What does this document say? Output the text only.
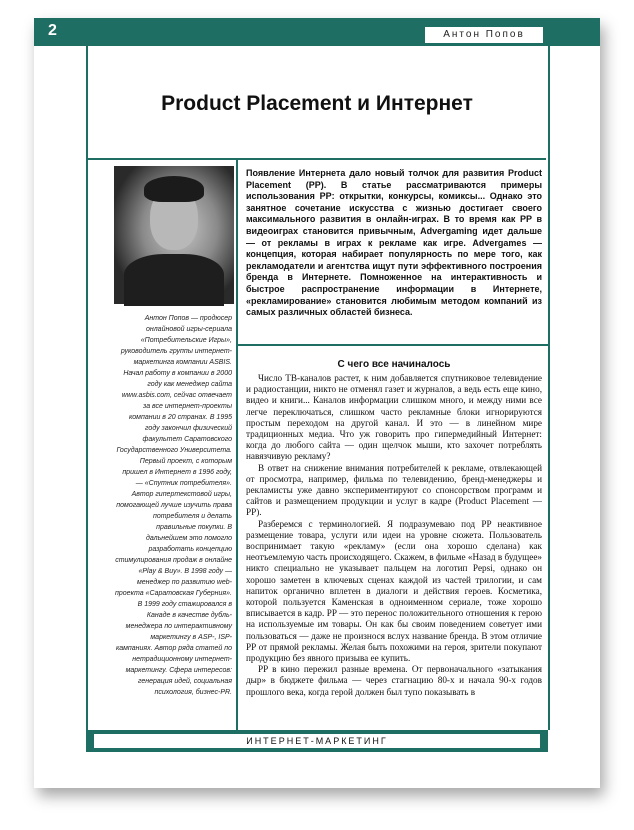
2	Антон Попов
Product Placement и Интернет

Антон Попов — продюсер онлайновой игры-сериала «Потребительские Игры», руководитель группы интернет-маркетинга компании ASBIS. Начал работу в компании в 2000 году как менеджер сайта www.asbis.com, сейчас отвечает за все интернет-проекты компании в 20 странах. В 1995 году закончил физический факультет Саратовского Государственного Университета. Первый проект, с которым пришел в Интернет в 1996 году, — «Спутник потребителя». Автор гипертекстовой игры, помогающей лучше изучить права потребителя и делать правильные покупки. В дальнейшем это помогло разработать концепцию стимулирования продаж в онлайне «Play & Buy». В 1998 году — менеджер по развитию web-проекта «Саратовская Губерния». В 1999 году стажировался в Канаде в качестве дубль-менеджера по интерактивному маркетингу в ASP-, ISP-кампаниях. Автор ряда статей по нетрадиционному интернет-маркетингу. Сфера интересов: генерация идей, социальная психология, бизнес-PR.

Появление Интернета дало новый толчок для развития Product Placement (PP). В статье рассматриваются примеры использования PP: открытки, конкурсы, комиксы... Однако это занятное сочетание искусства с жизнью достигает своего максимального развития в онлайн-играх. В то время как PP в видеоиграх становится привычным, Advergaming идет дальше — от рекламы в играх к рекламе как игре. Advergames — концепция, которая набирает популярность по мере того, как рекламодатели и агентства ищут пути эффективного построения бренда в Интернете. Помноженное на интерактивность и быстрое распространение информации в Интернете, «рекламирование» становится любимым методом компаний из самых различных областей бизнеса.
С чего все начиналось

Число ТВ-каналов растет, к ним добавляется спутниковое телевидение и радиостанции, никто не отменял газет и журналов, а ведь есть еще кино, видео и книги... Каналов информации слишком много, и между ними все легче переключаться, слишком часто рекламные блоки игнорируются простым переходом на другой канал. И это — в линейном мире традиционных медиа. Что уж говорить про гипермедийный Интернет: когда до любого сайта — один щелчок мыши, кто захочет потреблять навязчивую рекламу?

В ответ на снижение внимания потребителей к рекламе, отвлекающей от просмотра, например, фильма по телевидению, бренд-менеджеры и рекламисты уже давно экспериментируют со спонсорством программ и сайтов и размещением продукции и услуг в кадре (Product Placement — PP).

Разберемся с терминологией. Я подразумеваю под PP неактивное размещение товара, услуги или идеи на уровне сюжета. Пользователь воспринимает такую «рекламу» (если она хорошо сделана) как неотъемлемую часть происходящего. Скажем, в фильме «Назад в будущее» никто специально не указывает пальцем на логотип Pepsi, однако он хорошо заметен в ключевых сценах каждой из частей трилогии, и сам напиток органично вплетен в диалоги и действия героев. Косметика, которой пользуется Каменская в одноименном сериале, тоже хорошо вписывается в кадр. PP — это перенос положительного отношения к герою на используемые им товары. Он как бы своим поведением советует ими пользоваться — даже не произнося вслух название бренда. В этом отличие PP от прямой рекламы. Желая быть похожими на героя, зрители покупают продукцию без явного призыва ее купить.

PP в кино пережил разные времена. От первоначального «затыкания дыр» в бюджете фильма — через стагнацию 80-х и начала 90-х годов прошлого века, когда герой должен был тупо показывать в

ИНТЕРНЕТ-МАРКЕТИНГ
